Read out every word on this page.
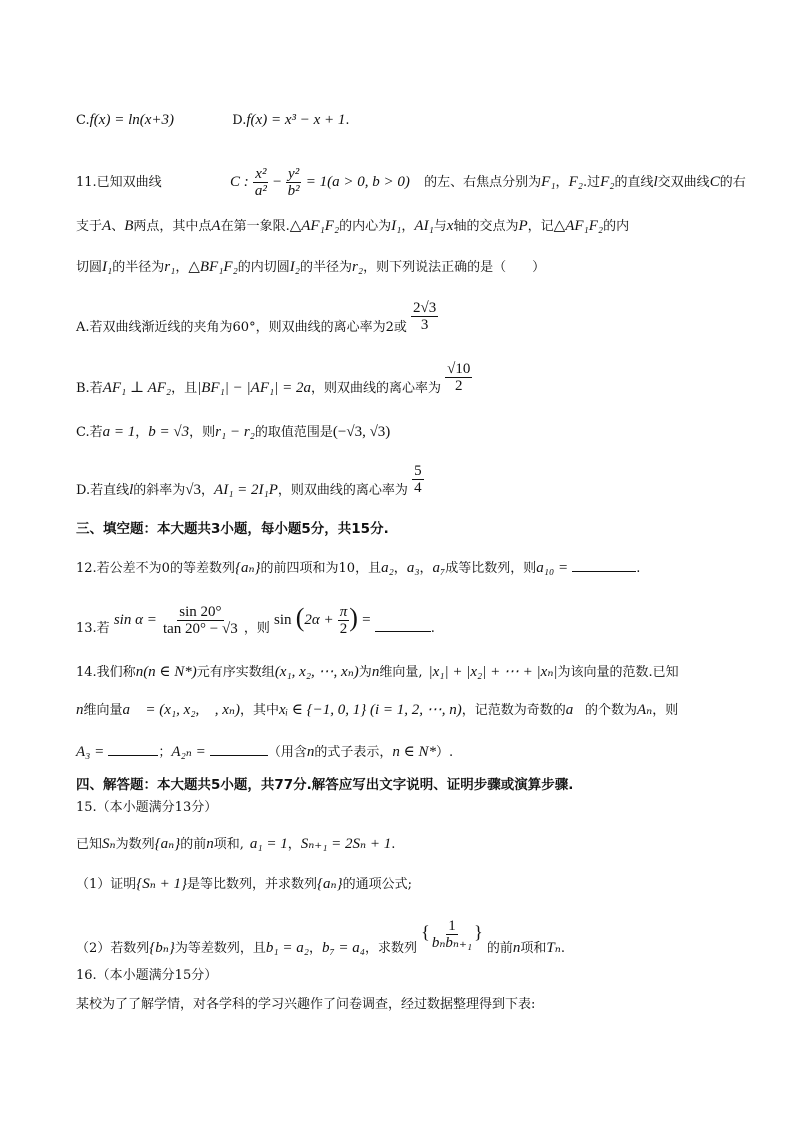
C.f(x) = ln(x+3)	D.f(x) = x³ − x + 1.
11.已知双曲线	C : $\frac{\text{x²}}{\text{a²}} - \frac{\text{y²}}{\text{b²}} = 1(a > 0$, b > 0) 的左、右焦点分别为F₁，F₂.过F₂的直线l交双曲线C的右
支于A、B两点，其中点A在第一象限.△AF₁F₂的内心为I₁，AI₁与x轴的交点为P，记△AF₁F₂的内
切圆I₁的半径为r₁，△BF₁F₂的内切圆I₂的半径为r₂，则下列说法正确的是（　　）
A.若双曲线渐近线的夹角为60°，则双曲线的离心率为2或 $\frac{2√3}{3}$
B.若AF₁ ⊥ AF₂，且|BF₁| − |AF₁| = 2a，则双曲线的离心率为 $\frac{√10}{2}$
C.若a = 1，b = √3，则r₁ − r₂的取值范围是(−√3, √3)
D.若直线l的斜率为√3，AI₁ = 2I₁P，则双曲线的离心率为 $\frac{5}{4}$
三、填空题：本大题共3小题，每小题5分，共15分.
12.若公差不为0的等差数列{aₙ}的前四项和为10，且a₂，a₃，a₇成等比数列，则a₁₀ =	.
13.若 $\sin \alpha = \frac{\sin 20^\circ}{\tan 20^\circ - √3}$ ，则 $\sin (2\alpha + \frac{\pi}{2}$ ) = .
14.我们称n(n ∈ N*)元有序实数组(x₁, x₂, ⋯, xₙ)为n维向量, |x₁| + |x₂| + ⋯ + |xₙ|为该向量的范数.已知
n维向量a⃗ = (x₁, x₂, ⋯, xₙ)，其中xᵢ ∈ {−1, 0, 1} (i = 1, 2, ⋯, n)，记范数为奇数的a⃗的个数为Aₙ，则
A₃ =	；A₂ₙ =	（用含n的式子表示，n ∈ N*）.
四、解答题：本大题共5小题，共77分.解答应写出文字说明、证明步骤或演算步骤.
15.（本小题满分13分）
已知Sₙ为数列{aₙ}的前n项和, a₁ = 1，Sₙ₊₁ = 2Sₙ + 1.
（1）证明{Sₙ + 1}是等比数列，并求数列{aₙ}的通项公式;
（2）若数列{bₙ}为等差数列，且b₁ = a₂，b₇ = a₄，求数列 { $\frac{1}{\text{bₙbₙ₊₁}}$ } 的前n项和Tₙ.
16.（本小题满分15分）
某校为了了解学情，对各学科的学习兴趣作了问卷调查，经过数据整理得到下表:
